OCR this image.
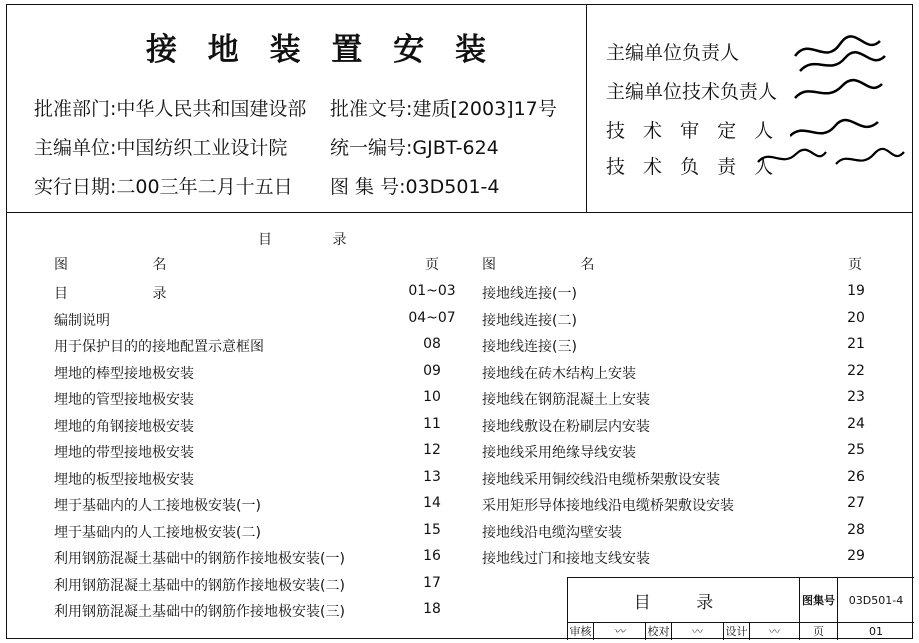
接 地 装 置 安 装
批准部门:中华人民共和国建设部 批准文号:建质[2003]17号
主编单位:中国纺织工业设计院 统一编号:GJBT-624
实行日期:二00三年二月十五日 图 集 号:03D501-4
主编单位负责人
主编单位技术负责人
技 术 审 定 人
技 术 负 责 人
目 录
图 名	页	图 名	页
目 录	01~03
编制说明	04~07
用于保护目的的接地配置示意框图	08
埋地的棒型接地极安装	09
埋地的管型接地极安装	10
埋地的角钢接地极安装	11
埋地的带型接地极安装	12
埋地的板型接地极安装	13
埋于基础内的人工接地极安装(一)	14
埋于基础内的人工接地极安装(二)	15
利用钢筋混凝土基础中的钢筋作接地极安装(一)	16
利用钢筋混凝土基础中的钢筋作接地极安装(二)	17
利用钢筋混凝土基础中的钢筋作接地极安装(三)	18
接地线连接(一)	19
接地线连接(二)	20
接地线连接(三)	21
接地线在砖木结构上安装	22
接地线在钢筋混凝土上安装	23
接地线敷设在粉刷层内安装	24
接地线采用绝缘导线安装	25
接地线采用铜绞线沿电缆桥架敷设安装	26
采用矩形导体接地线沿电缆桥架敷设安装	27
接地线沿电缆沟壁安装	28
接地线过门和接地支线安装	29
目 录	图集号	03D501-4
审核	〰	校对	〰	设计	〰	页	01
